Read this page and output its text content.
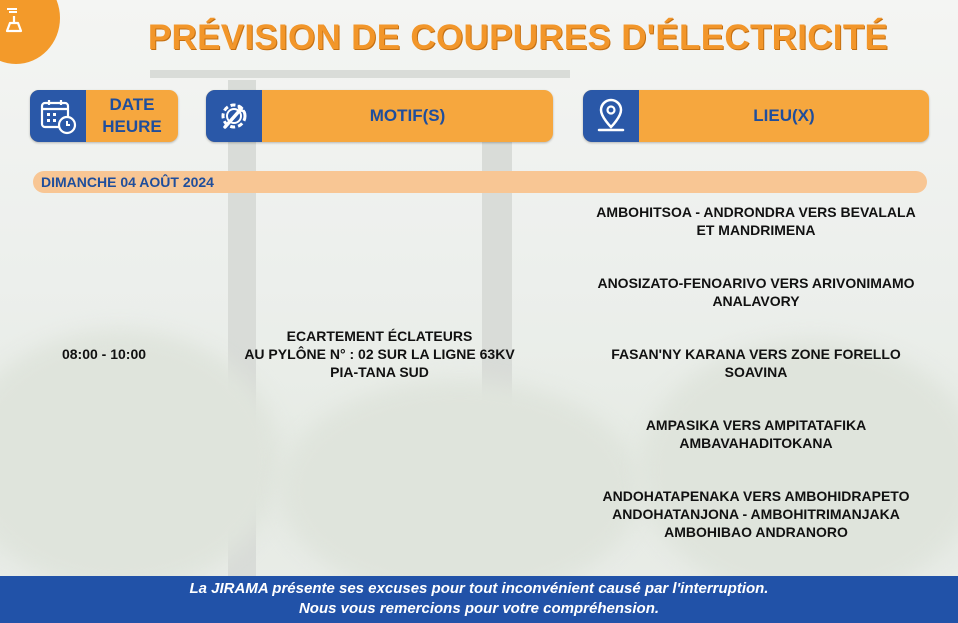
PRÉVISION DE COUPURES D'ÉLECTRICITÉ
DATE
HEURE
MOTIF(S)	LIEU(X)
DIMANCHE 04 AOÛT 2024
08:00 - 10:00
ECARTEMENT ÉCLATEURS
AU PYLÔNE N° : 02 SUR LA LIGNE 63KV
PIA-TANA SUD
AMBOHITSOA - ANDRONDRA VERS BEVALALA
ET MANDRIMENA
ANOSIZATO-FENOARIVO VERS ARIVONIMAMO
ANALAVORY
FASAN'NY KARANA VERS ZONE FORELLO
SOAVINA
AMPASIKA VERS AMPITATAFIKA
AMBAVAHADITOKANA
ANDOHATAPENAKA VERS AMBOHIDRAPETO
ANDOHATANJONA - AMBOHITRIMANJAKA
AMBOHIBAO ANDRANORO
La JIRAMA présente ses excuses pour tout inconvénient causé par l'interruption.
Nous vous remercions pour votre compréhension.
